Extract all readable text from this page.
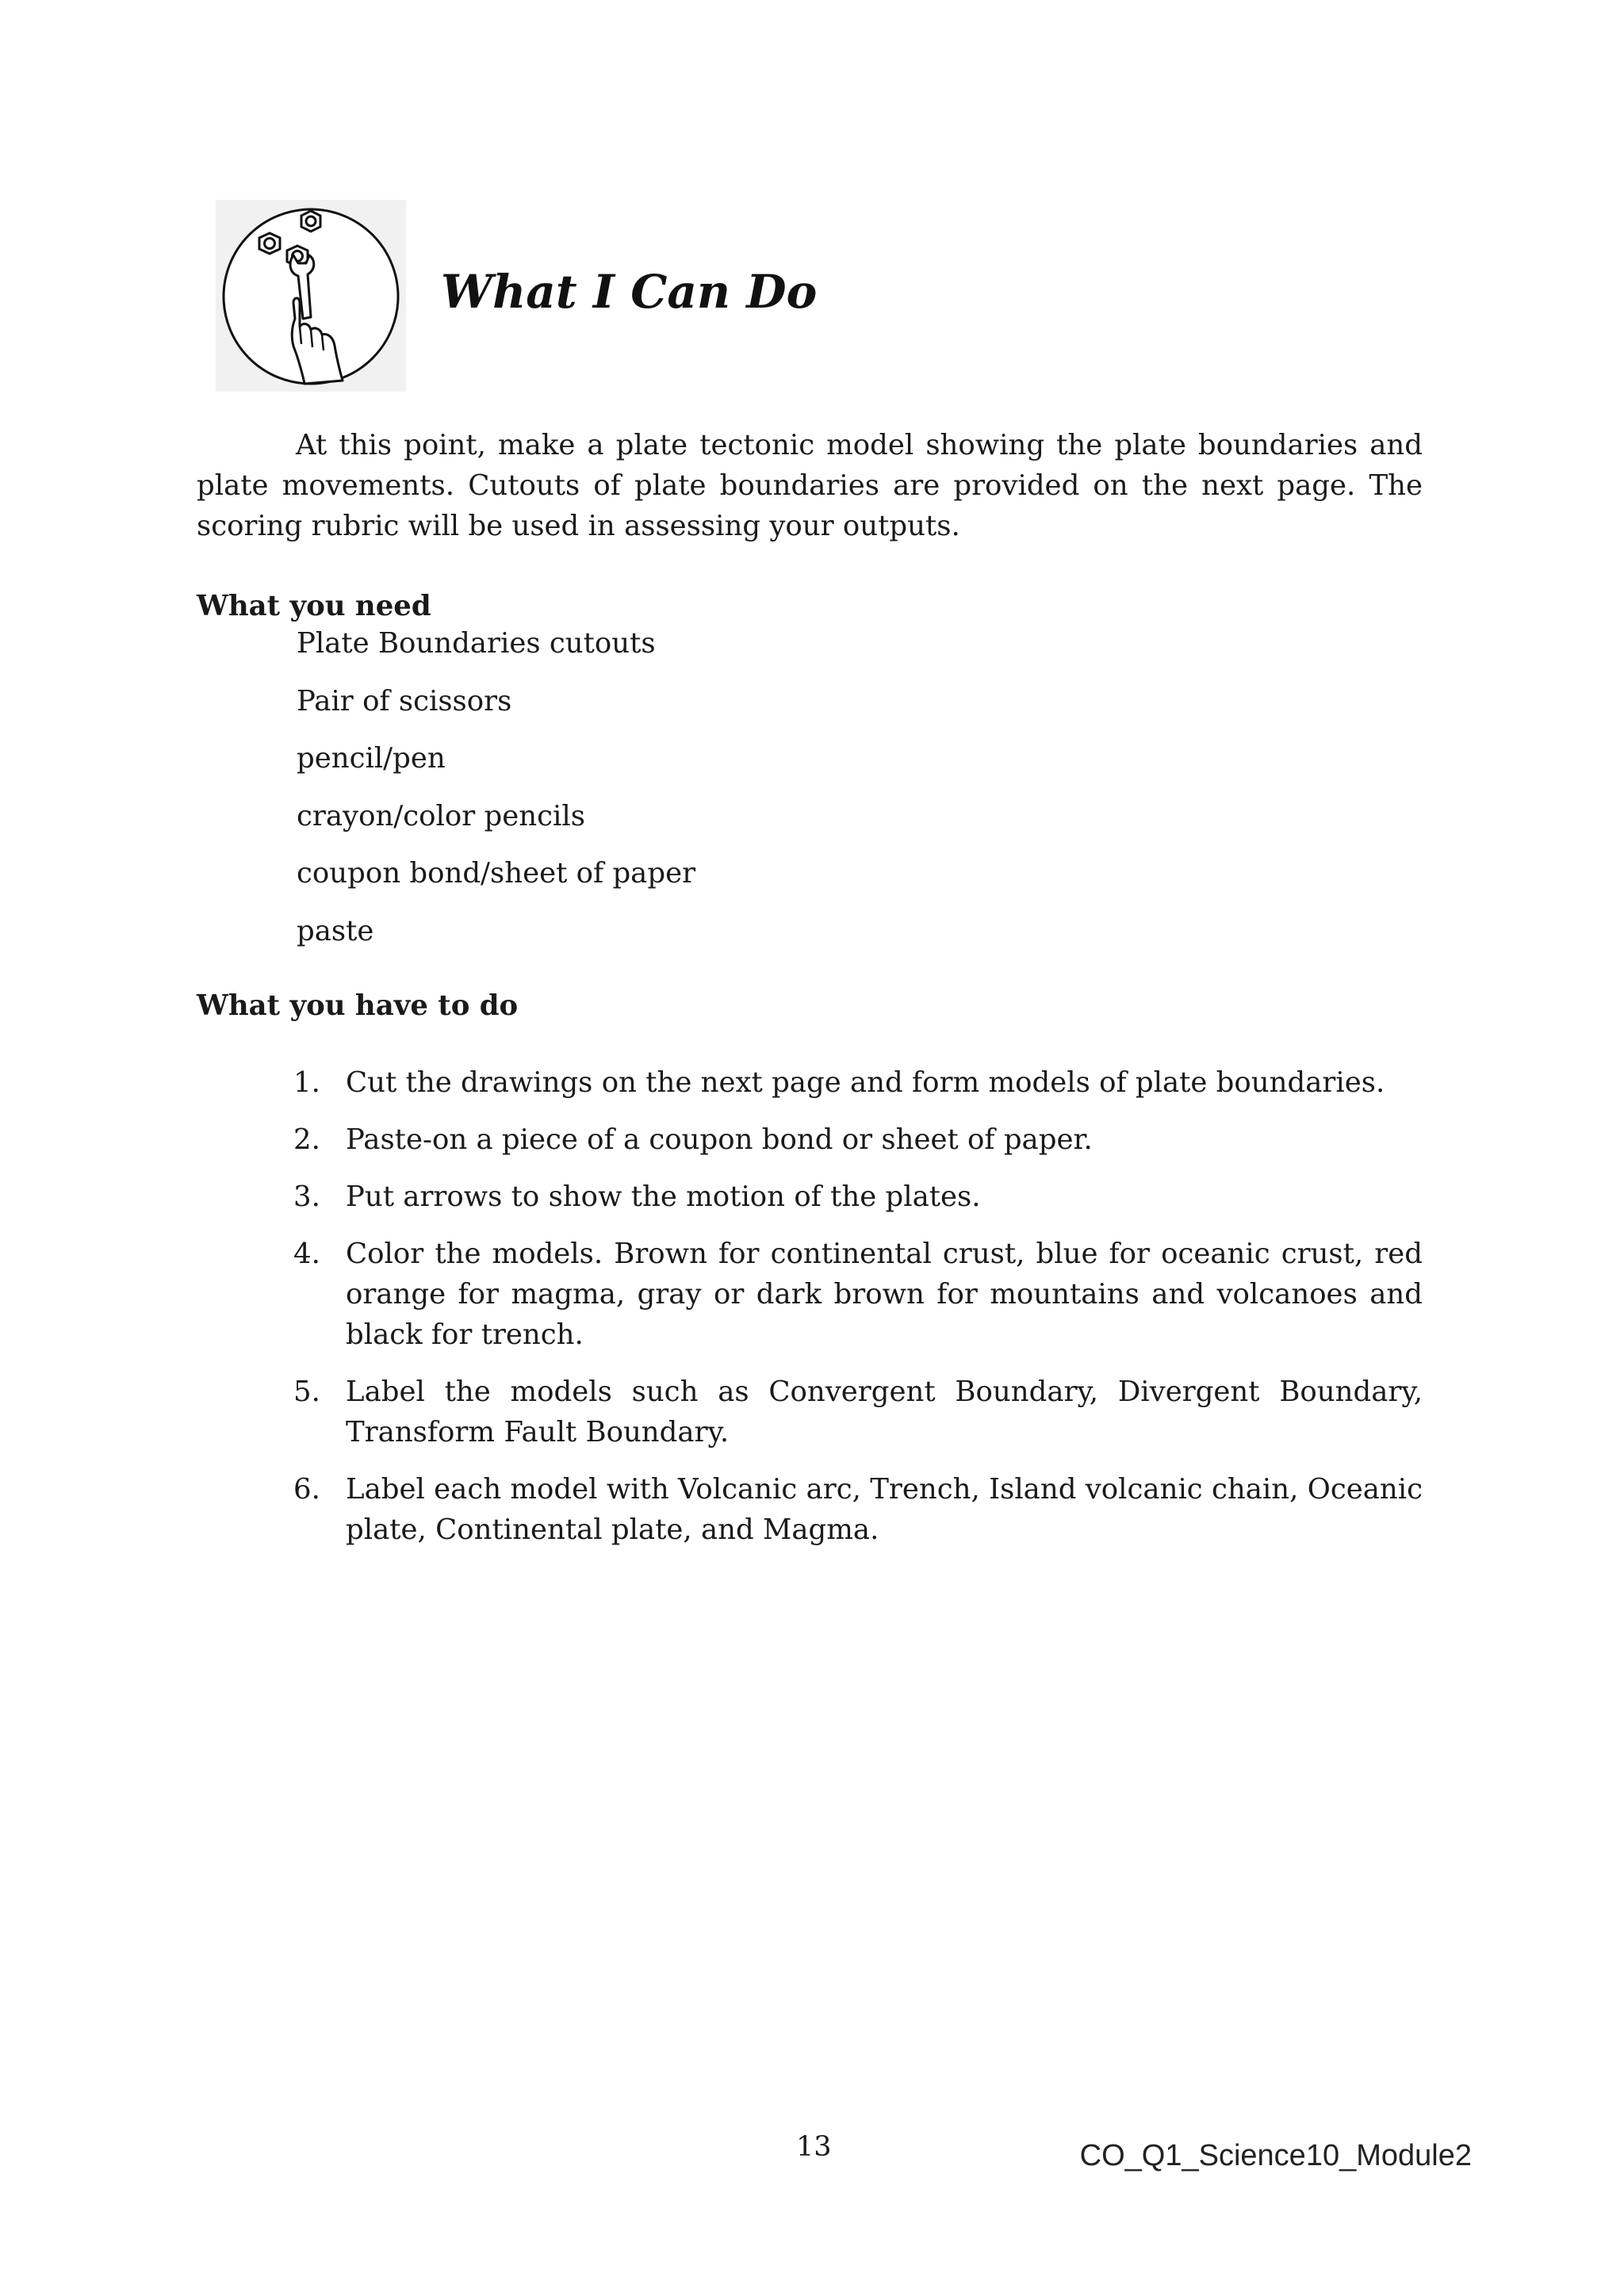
What I Can Do

At this point, make a plate tectonic model showing the plate boundaries and plate movements. Cutouts of plate boundaries are provided on the next page. The scoring rubric will be used in assessing your outputs.

What you need

Plate Boundaries cutouts
Pair of scissors
pencil/pen
crayon/color pencils
coupon bond/sheet of paper
paste

What you have to do

1. Cut the drawings on the next page and form models of plate boundaries.
2. Paste-on a piece of a coupon bond or sheet of paper.
3. Put arrows to show the motion of the plates.
4. Color the models. Brown for continental crust, blue for oceanic crust, red orange for magma, gray or dark brown for mountains and volcanoes and black for trench.
5. Label the models such as Convergent Boundary, Divergent Boundary, Transform Fault Boundary.
6. Label each model with Volcanic arc, Trench, Island volcanic chain, Oceanic plate, Continental plate, and Magma.
13	CO_Q1_Science10_Module2
